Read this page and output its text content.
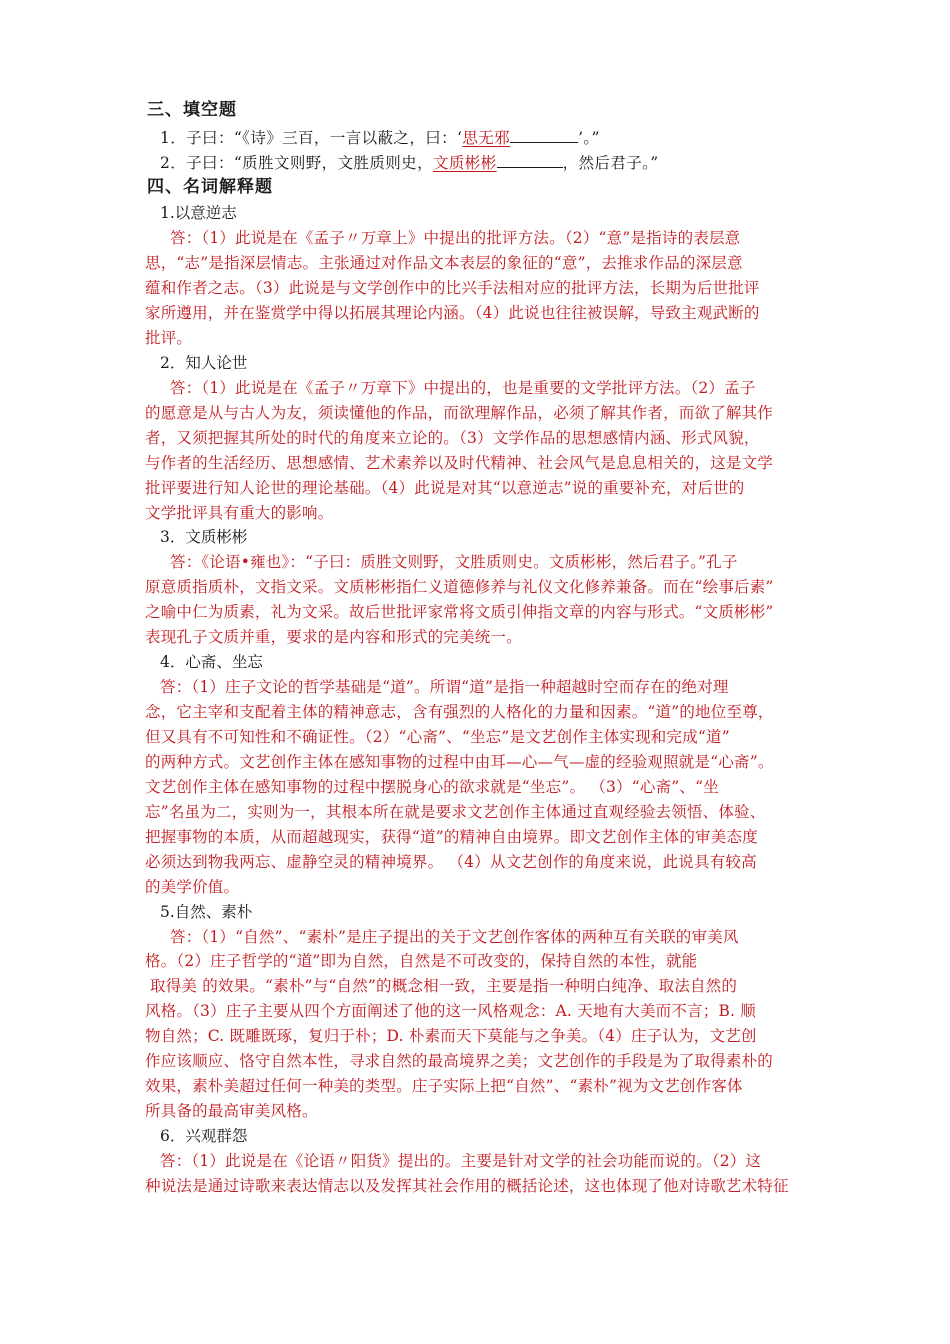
三、填空题
1．子曰：“《诗》三百，一言以蔽之，曰：‘思无邪	’。”
2．子曰：“质胜文则野，文胜质则史，文质彬彬	，然后君子。”
四、名词解释题
1.以意逆志
答：（1）此说是在《孟子〃万章上》中提出的批评方法。（2）“意”是指诗的表层意
思，“志”是指深层情志。主张通过对作品文本表层的象征的“意”，去推求作品的深层意
蕴和作者之志。（3）此说是与文学创作中的比兴手法相对应的批评方法，长期为后世批评
家所遵用，并在鉴赏学中得以拓展其理论内涵。（4）此说也往往被误解，导致主观武断的
批评。
2．知人论世
答：（1）此说是在《孟子〃万章下》中提出的，也是重要的文学批评方法。（2）孟子
的愿意是从与古人为友，须读懂他的作品，而欲理解作品，必须了解其作者，而欲了解其作
者，又须把握其所处的时代的角度来立论的。（3）文学作品的思想感情内涵、形式风貌，
与作者的生活经历、思想感情、艺术素养以及时代精神、社会风气是息息相关的，这是文学
批评要进行知人论世的理论基础。（4）此说是对其“以意逆志”说的重要补充，对后世的
文学批评具有重大的影响。
3．文质彬彬
答：《论语•雍也》：“子曰：质胜文则野，文胜质则史。文质彬彬，然后君子。”孔子
原意质指质朴，文指文采。文质彬彬指仁义道德修养与礼仪文化修养兼备。而在“绘事后素”
之喻中仁为质素，礼为文采。故后世批评家常将文质引伸指文章的内容与形式。“文质彬彬”
表现孔子文质并重，要求的是内容和形式的完美统一。
4．心斋、坐忘
答：（1）庄子文论的哲学基础是“道”。所谓“道”是指一种超越时空而存在的绝对理
念，它主宰和支配着主体的精神意志，含有强烈的人格化的力量和因素。“道”的地位至尊，
但又具有不可知性和不确证性。（2）“心斋”、“坐忘”是文艺创作主体实现和完成“道”
的两种方式。文艺创作主体在感知事物的过程中由耳—心—气—虚的经验观照就是“心斋”。
文艺创作主体在感知事物的过程中摆脱身心的欲求就是“坐忘”。 （3）“心斋”、“坐
忘”名虽为二，实则为一，其根本所在就是要求文艺创作主体通过直观经验去领悟、体验、
把握事物的本质，从而超越现实，获得“道”的精神自由境界。即文艺创作主体的审美态度
必须达到物我两忘、虚静空灵的精神境界。 （4）从文艺创作的角度来说，此说具有较高
的美学价值。
5.自然、素朴
答：（1）“自然”、“素朴”是庄子提出的关于文艺创作客体的两种互有关联的审美风
格。（2）庄子哲学的“道”即为自然，自然是不可改变的，保持自然的本性，就能
取得美 的效果。“素朴”与“自然”的概念相一致，主要是指一种明白纯净、取法自然的
风格。（3）庄子主要从四个方面阐述了他的这一风格观念：A. 天地有大美而不言；B. 顺
物自然；C. 既雕既琢，复归于朴；D. 朴素而天下莫能与之争美。（4）庄子认为，文艺创
作应该顺应、恪守自然本性，寻求自然的最高境界之美；文艺创作的手段是为了取得素朴的
效果，素朴美超过任何一种美的类型。庄子实际上把“自然”、“素朴”视为文艺创作客体
所具备的最高审美风格。
6．兴观群怨
答：（1）此说是在《论语〃阳货》提出的。主要是针对文学的社会功能而说的。（2）这
种说法是通过诗歌来表达情志以及发挥其社会作用的概括论述，这也体现了他对诗歌艺术特征
